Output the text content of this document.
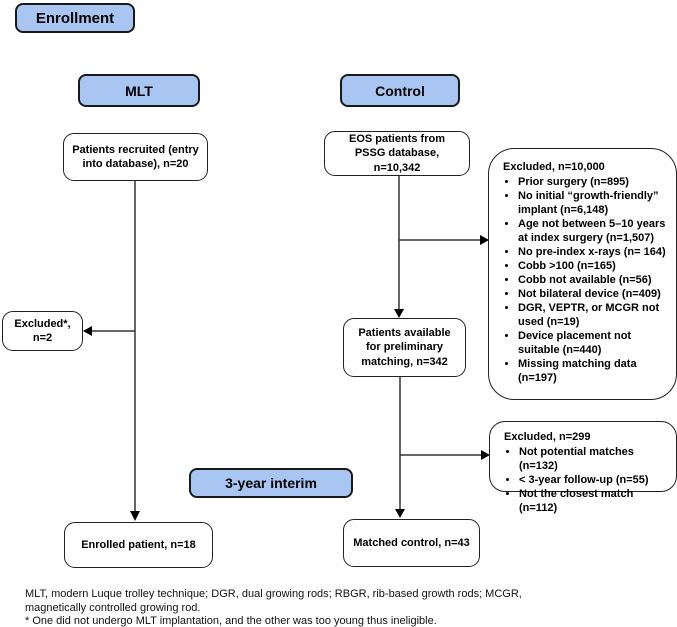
Enrollment
MLT	Control
3-year interim
Patients recruited (entry into database), n=20
EOS patients from PSSG database, n=10,342
Excluded*, n=2	Patients available for preliminary matching, n=342
Enrolled patient, n=18	Matched control, n=43
Excluded, n=10,000
• Prior surgery (n=895)
• No initial “growth-friendly” implant (n=6,148)
• Age not between 5–10 years at index surgery (n=1,507)
• No pre-index x-rays (n= 164)
• Cobb >100 (n=165)
• Cobb not available (n=56)
• Not bilateral device (n=409)
• DGR, VEPTR, or MCGR not used (n=19)
• Device placement not suitable (n=440)
• Missing matching data (n=197)
Excluded, n=299
• Not potential matches (n=132)
• < 3-year follow-up (n=55)
• Not the closest match (n=112)
MLT, modern Luque trolley technique; DGR, dual growing rods; RBGR, rib-based growth rods; MCGR,
magnetically controlled growing rod.
* One did not undergo MLT implantation, and the other was too young thus ineligible.
